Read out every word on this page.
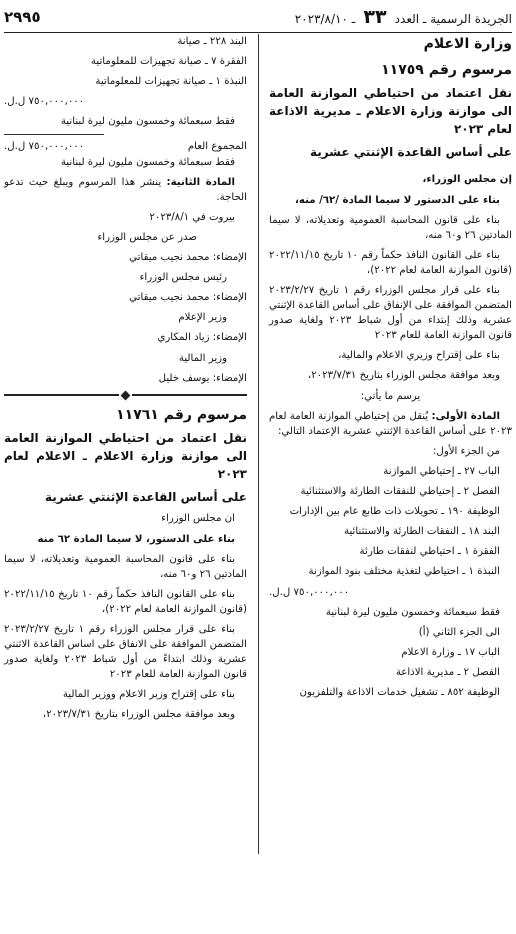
الجريدة الرسمية ـ العدد ٣٣ ـ ٢٠٢٣/٨/١٠
٢٩٩٥

وزارة الاعلام

مرسوم رقم ١١٧٥٩

نقل اعتماد من احتياطي الموازنة العامة الى موازنة وزارة الاعلام ـ مديرية الاذاعة لعام ٢٠٢٣

على أساس القاعدة الإثنتي عشرية

إن مجلس الوزراء،

بناء على الدستور لا سيما المادة /٦٢/ منه،

بناء على قانون المحاسبة العمومية وتعديلاته، لا سيما المادتين ٢٦ و٦٠ منه،

بناء على القانون النافذ حكماً رقم ١٠ تاريخ ٢٠٢٢/١١/١٥ (قانون الموازنة العامة لعام ٢٠٢٢)،

بناء على قرار مجلس الوزراء رقم ١ تاريخ ٢٠٢٣/٢/٢٧ المتضمن الموافقة على الإنفاق على أساس القاعدة الإثنتي عشرية وذلك إبتداء من أول شباط ٢٠٢٣ ولغاية صدور قانون الموازنة العامة للعام ٢٠٢٣

بناء على إقتراح وزيري الاعلام والمالية،

وبعد موافقة مجلس الوزراء بتاريخ ٢٠٢٣/٧/٣١،

يرسم ما يأتي:

المادة الأولى: يُنقل من إحتياطي الموازنة العامة لعام ٢٠٢٣ على أساس القاعدة الإثنتي عشرية الإعتماد التالي:

من الجزء الأول:

الباب ٢٧ ـ إحتياطي الموازنة

الفصل ٢ ـ إحتياطي للنفقات الطارئة والاستثنائية

الوظيفة ١٩٠ ـ تحويلات ذات طابع عام بين الإدارات

البند ١٨ ـ النفقات الطارئة والاستثنائية

الفقرة ١ ـ احتياطي لنفقات طارئة

النبذة ١ ـ احتياطي لتغذية مختلف بنود الموازنة

٧٥٠,٠٠٠,٠٠٠ ل.ل.

فقط سبعمائة وخمسون مليون ليرة لبنانية

الى الجزء الثاني (أ)

الباب ١٧ ـ وزارة الاعلام

الفصل ٢ ـ مديرية الاذاعة

الوظيفة ٨٥٢ ـ تشغيل خدمات الاذاعة والتلفزيون

البند ٢٢٨ ـ صيانة

الفقرة ٧ ـ صيانة تجهيزات للمعلوماتية

النبذة ١ ـ صيانة تجهيزات للمعلوماتية

٧٥٠,٠٠٠,٠٠٠ ل.ل.

فقط سبعمائة وخمسون مليون ليرة لبنانية

المجموع العام
٧٥٠,٠٠٠,٠٠٠ ل.ل.

فقط سبعمائة وخمسون مليون ليرة لبنانية

المادة الثانية: ينشر هذا المرسوم ويبلغ حيث تدعو الحاجة.

بيروت في ٢٠٢٣/٨/١

صدر عن مجلس الوزراء

الإمضاء: محمد نجيب ميقاتي

رئيس مجلس الوزراء

الإمضاء: محمد نجيب ميقاتي

وزير الإعلام

الإمضاء: زياد المكاري

وزير المالية

الإمضاء: يوسف خليل

مرسوم رقم ١١٧٦١

نقل اعتماد من احتياطي الموازنة العامة الى موازنة وزارة الاعلام ـ الاعلام لعام ٢٠٢٣

على أساس القاعدة الإثنتي عشرية

ان مجلس الوزراء

بناء على الدستور، لا سيما المادة ٦٢ منه

بناء على قانون المحاسبة العمومية وتعديلاته، لا سيما المادتين ٢٦ و٦٠ منه،

بناء على القانون النافذ حكماً رقم ١٠ تاريخ ٢٠٢٢/١١/١٥ (قانون الموازنة العامة لعام ٢٠٢٢)،

بناء على قرار مجلس الوزراء رقم ١ تاريخ ٢٠٢٣/٢/٢٧ المتضمن الموافقة على الانفاق على اساس القاعدة الاثنتي عشرية وذلك ابتداءً من أول شباط ٢٠٢٣ ولغاية صدور قانون الموازنة العامة للعام ٢٠٢٣

بناء على إقتراح وزير الاعلام ووزير المالية

وبعد موافقة مجلس الوزراء بتاريخ ٢٠٢٣/٧/٣١،
